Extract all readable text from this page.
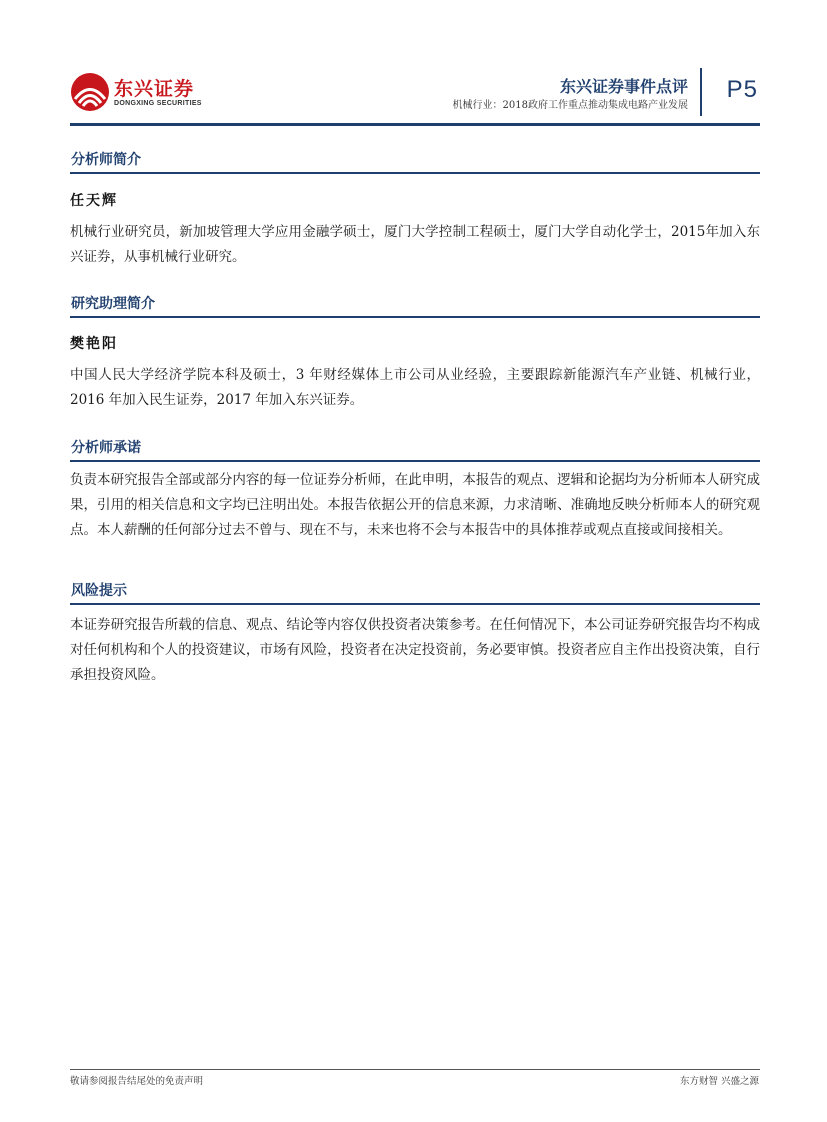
东兴证券
DONGXING SECURITIES
东兴证券事件点评
机械行业：2018政府工作重点推动集成电路产业发展
P5
分析师简介
任天辉
机械行业研究员，新加坡管理大学应用金融学硕士，厦门大学控制工程硕士，厦门大学自动化学士，2015年加入东兴证券，从事机械行业研究。
研究助理简介
樊艳阳
中国人民大学经济学院本科及硕士，3 年财经媒体上市公司从业经验，主要跟踪新能源汽车产业链、机械行业，2016 年加入民生证券，2017 年加入东兴证券。
分析师承诺
负责本研究报告全部或部分内容的每一位证券分析师，在此申明，本报告的观点、逻辑和论据均为分析师本人研究成果，引用的相关信息和文字均已注明出处。本报告依据公开的信息来源，力求清晰、准确地反映分析师本人的研究观点。本人薪酬的任何部分过去不曾与、现在不与，未来也将不会与本报告中的具体推荐或观点直接或间接相关。
风险提示
本证券研究报告所载的信息、观点、结论等内容仅供投资者决策参考。在任何情况下，本公司证券研究报告均不构成对任何机构和个人的投资建议，市场有风险，投资者在决定投资前，务必要审慎。投资者应自主作出投资决策，自行承担投资风险。
敬请参阅报告结尾处的免责声明	东方财智 兴盛之源
